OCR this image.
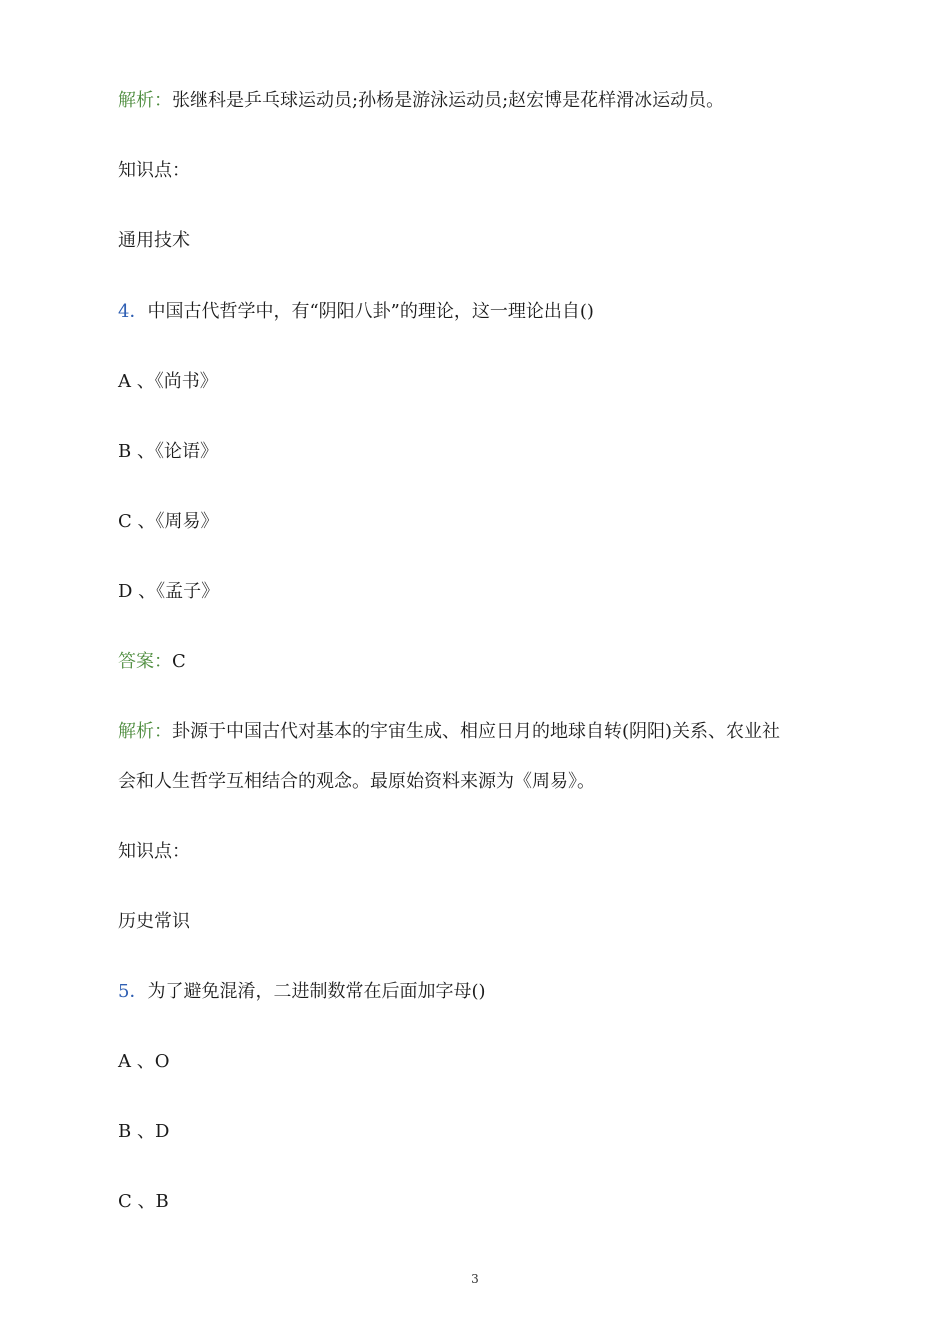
解析：张继科是乒乓球运动员;孙杨是游泳运动员;赵宏博是花样滑冰运动员。
知识点：
通用技术
4．中国古代哲学中，有“阴阳八卦”的理论，这一理论出自()
A 、《尚书》
B 、《论语》
C 、《周易》
D 、《孟子》
答案：C
解析：卦源于中国古代对基本的宇宙生成、相应日月的地球自转(阴阳)关系、农业社
会和人生哲学互相结合的观念。最原始资料来源为《周易》。
知识点：
历史常识
5．为了避免混淆，二进制数常在后面加字母()
A 、O
B 、D
C 、B
3
